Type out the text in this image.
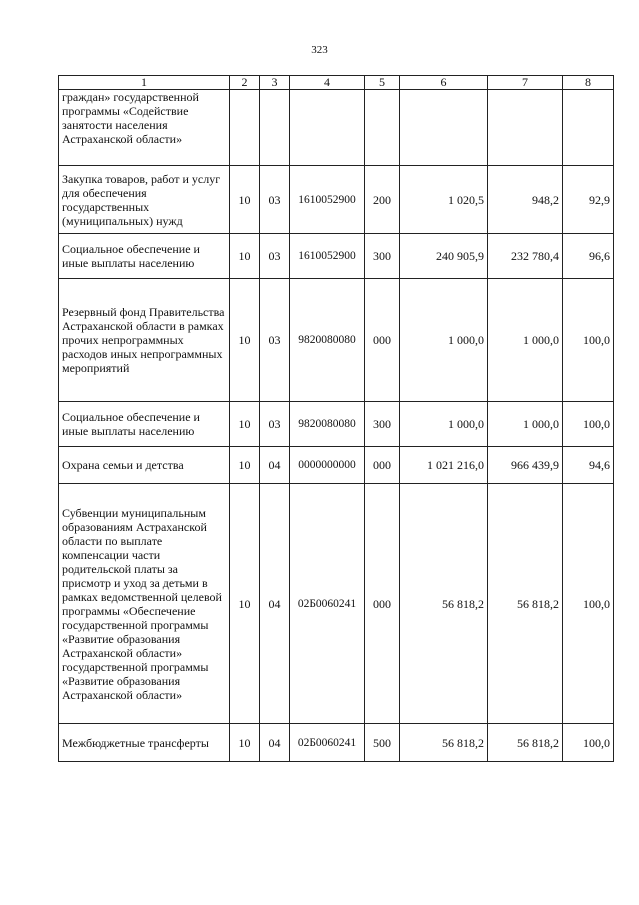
323
1	2	3	4	5	6	7	8
граждан» государственной программы «Содействие занятости населения Астраханской области»							
Закупка товаров, работ и услуг для обеспечения государственных (муниципальных) нужд	10	03	1610052900	200	1 020,5	948,2	92,9
Социальное обеспечение и иные выплаты населению	10	03	1610052900	300	240 905,9	232 780,4	96,6
Резервный фонд Правительства Астраханской области в рамках прочих непрограммных расходов иных непрограммных мероприятий	10	03	9820080080	000	1 000,0	1 000,0	100,0
Социальное обеспечение и иные выплаты населению	10	03	9820080080	300	1 000,0	1 000,0	100,0
Охрана семьи и детства	10	04	0000000000	000	1 021 216,0	966 439,9	94,6
Субвенции муниципальным образованиям Астраханской области по выплате компенсации части родительской платы за присмотр и уход за детьми в рамках ведомственной целевой программы «Обеспечение государственной программы «Развитие образования Астраханской области» государственной программы «Развитие образования Астраханской области»	10	04	02Б0060241	000	56 818,2	56 818,2	100,0
Межбюджетные трансферты	10	04	02Б0060241	500	56 818,2	56 818,2	100,0
